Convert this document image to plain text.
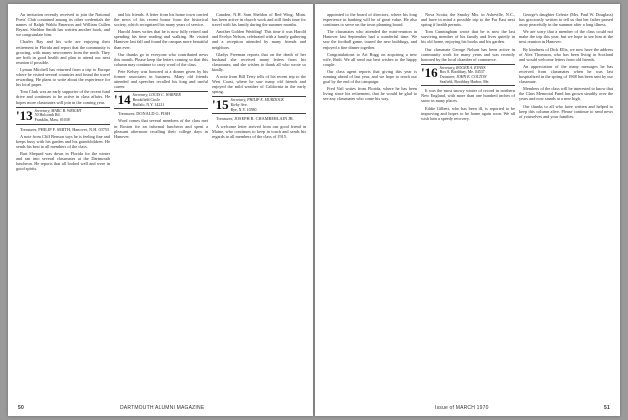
An invitation recently received to join the National Poets' Club contained among its other credentials the names of Ralph Waldo Emerson and William Cullen Bryant. Sheldon Smith has written another book, and we congratulate him.

Charles Ray and his wife are enjoying their retirement in Florida and report that the community is growing, with many newcomers from the north. They are both in good health and plan to attend our next reunion if possible.

Lyman Mitchell has returned from a trip to Europe where he visited several countries and found the travel rewarding. He plans to write about the experience for his local paper.

Tom Clark was an early supporter of the recent fund drive and continues to be active in class affairs. He hopes more classmates will join in the coming year.

'13 Secretary, MARC B. WRIGHT
50 Holcomb Rd.
Franklin, Mass. 01038

Treasurer, PHILIP F. SMITH, Hanover, N.H. 03755

A note from Cliff Benson says he is feeling fine and keeps busy with his garden and his grandchildren. He sends his best to all members of the class.

Bart Shepard was down in Florida for the winter and ran into several classmates at the Dartmouth luncheon. He reports that all looked well and were in good spirits.

and his friends. A letter from his home town carried the news of his recent honor from the historical society, which recognized his many years of service.

Harold Jones writes that he is now fully retired and spending his time reading and walking. He visited Hanover last fall and found the campus more beautiful than ever.

Our thanks go to everyone who contributed news this month. Please keep the letters coming so that this column may continue to carry word of the class.

Pete Kelsey was honored at a dinner given by his former associates in business. Many old friends attended and speeches recalled his long and useful career.

'14 Secretary, LOUIS C. WARNER
Brookfield Circle
Buffalo, N.Y. 14221

Treasurer, DONALD G. FISH

Word comes that several members of the class met in Boston for an informal luncheon and spent a pleasant afternoon recalling their college days in Hanover.

Camden, N.H. Sam Sheldon of Red Wing, Minn. has been active in church work and still finds time for travel with his family during the summer months.

Another Golden Wedding! This time it was Harold and Evelyn Nelson, celebrated with a family gathering and a reception attended by many friends and neighbors.

Gladys Freeman reports that on the death of her husband she received many letters from his classmates, and she wishes to thank all who wrote so kindly.

A note from Bill Terry tells of his recent trip to the West Coast, where he saw many old friends and enjoyed the mild weather of California in the early spring.

'15 Secretary, PHILIP E. MURDOCK
Kirby Ave.
Rye, N.Y. 10580

Treasurer, JOSEPH R. CHAMBERLAIN JR.

A welcome letter arrived from our good friend in Maine, who continues to keep in touch and sends his regards to all members of the class of 1915.

50	DARTMOUTH ALUMNI MAGAZINE

appointed to the board of directors, where his long experience in banking will be of great value. He also continues to serve on the town planning board.

The classmates who attended the mini-reunion in Hanover last September had a wonderful time. We saw the football game, toured the new buildings, and enjoyed a fine dinner together.

Congratulations to Art Rugg on acquiring a new wife, Ruth. We all send our best wishes to the happy couple.

Our class agent reports that giving this year is running ahead of last year, and we hope to reach our goal by the end of the campaign.

Fred Vail writes from Florida, where he has been living since his retirement, that he would be glad to see any classmates who come his way.

Nova Scotia, the Smoky Mts. in Asheville, N.C., and have in mind a possible trip to the Far East next spring if health permits.

Tom Cunningham wrote that he is now the last surviving member of his family and lives quietly in his old home, enjoying his books and his garden.

Our classmate George Nelson has been active in community work for many years and was recently honored by the local chamber of commerce.

'16 Secretary, ROGER A. EVANS
Box 8, Boothbay, Me. 04537
Treasurer, JOHN E. COLTON
Seafield, Boothbay Harbor, Me.

It was the most snowy winter of record in northern New England, with more than one hundred inches of snow in many places.

Eddie Gilbert, who has been ill, is reported to be improving and hopes to be home again soon. We all wish him a speedy recovery.

George's daughter Celeste (Mrs. Paul W. Douglass) has graciously written to tell us that her father passed away peacefully in the summer after a long illness.

We are sorry that a member of the class could not make the trip this year, but we hope to see him at the next reunion in Hanover.

By kindness of Dick Ellis, we now have the address of Alex Thomson, who has been living in Scotland and would welcome letters from old friends.

An appreciation of the many messages he has received from classmates when he was last hospitalized in the spring of 1968 has been sent by our classmate.

Members of the class will be interested to know that the Class Memorial Fund has grown steadily over the years and now stands at a new high.

Our thanks to all who have written and helped to keep this column alive. Please continue to send news of yourselves and your families.

Issue of MARCH 1970	51
